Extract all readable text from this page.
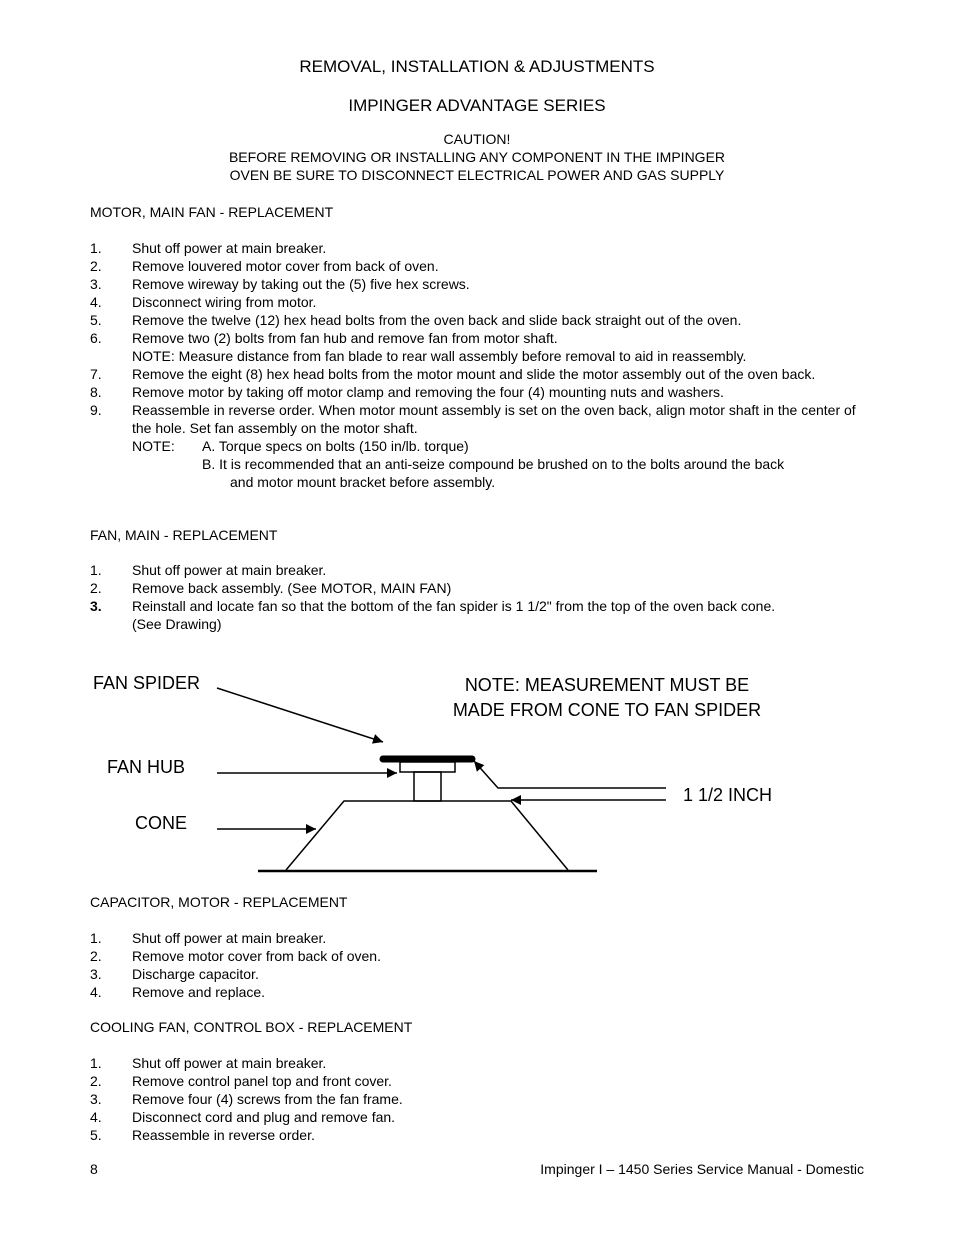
REMOVAL, INSTALLATION & ADJUSTMENTS
IMPINGER ADVANTAGE SERIES
CAUTION!
BEFORE REMOVING OR INSTALLING ANY COMPONENT IN THE IMPINGER
OVEN BE SURE TO DISCONNECT ELECTRICAL POWER AND GAS SUPPLY
MOTOR, MAIN FAN - REPLACEMENT
1. Shut off power at main breaker.
2. Remove louvered motor cover from back of oven.
3. Remove wireway by taking out the (5) five hex screws.
4. Disconnect wiring from motor.
5. Remove the twelve (12) hex head bolts from the oven back and slide back straight out of the oven.
6. Remove two (2) bolts from fan hub and remove fan from motor shaft.
NOTE: Measure distance from fan blade to rear wall assembly before removal to aid in reassembly.
7. Remove the eight (8) hex head bolts from the motor mount and slide the motor assembly out of the oven back.
8. Remove motor by taking off motor clamp and removing the four (4) mounting nuts and washers.
9. Reassemble in reverse order. When motor mount assembly is set on the oven back, align motor shaft in the center of the hole. Set fan assembly on the motor shaft.
NOTE:	A. Torque specs on bolts (150 in/lb. torque)
B. It is recommended that an anti-seize compound be brushed on to the bolts around the back
and motor mount bracket before assembly.
FAN, MAIN - REPLACEMENT
1. Shut off power at main breaker.
2. Remove back assembly. (See MOTOR, MAIN FAN)
3. Reinstall and locate fan so that the bottom of the fan spider is 1 1/2" from the top of the oven back cone.
(See Drawing)
FAN SPIDER
FAN HUB
CONE
1 1/2 INCH
NOTE: MEASUREMENT MUST BE
MADE FROM CONE TO FAN SPIDER
CAPACITOR, MOTOR - REPLACEMENT
1. Shut off power at main breaker.
2. Remove motor cover from back of oven.
3. Discharge capacitor.
4. Remove and replace.
COOLING FAN, CONTROL BOX - REPLACEMENT
1. Shut off power at main breaker.
2. Remove control panel top and front cover.
3. Remove four (4) screws from the fan frame.
4. Disconnect cord and plug and remove fan.
5. Reassemble in reverse order.
8	Impinger I – 1450 Series Service Manual - Domestic
